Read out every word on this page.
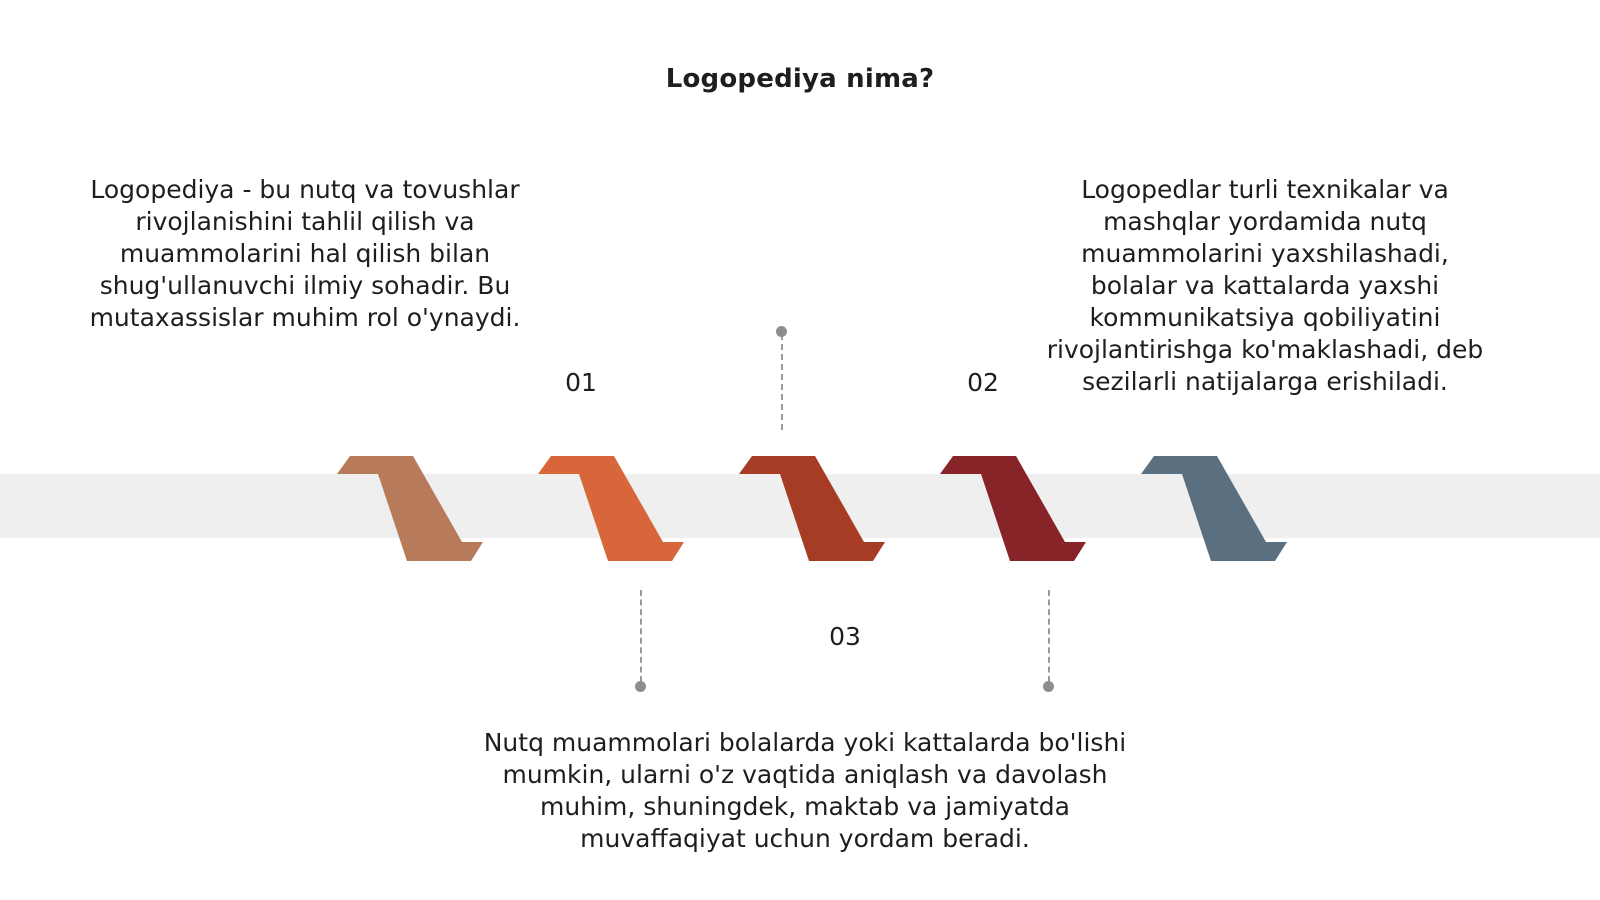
Logopediya nima?
Logopediya - bu nutq va tovushlar
rivojlanishini tahlil qilish va
muammolarini hal qilish bilan
shug'ullanuvchi ilmiy sohadir. Bu
mutaxassislar muhim rol o'ynaydi.
Logopedlar turli texnikalar va
mashqlar yordamida nutq
muammolarini yaxshilashadi,
bolalar va kattalarda yaxshi
kommunikatsiya qobiliyatini
rivojlantirishga ko'maklashadi, deb
sezilarli natijalarga erishiladi.
Nutq muammolari bolalarda yoki kattalarda bo'lishi
mumkin, ularni o'z vaqtida aniqlash va davolash
muhim, shuningdek, maktab va jamiyatda
muvaffaqiyat uchun yordam beradi.
01	02
03
